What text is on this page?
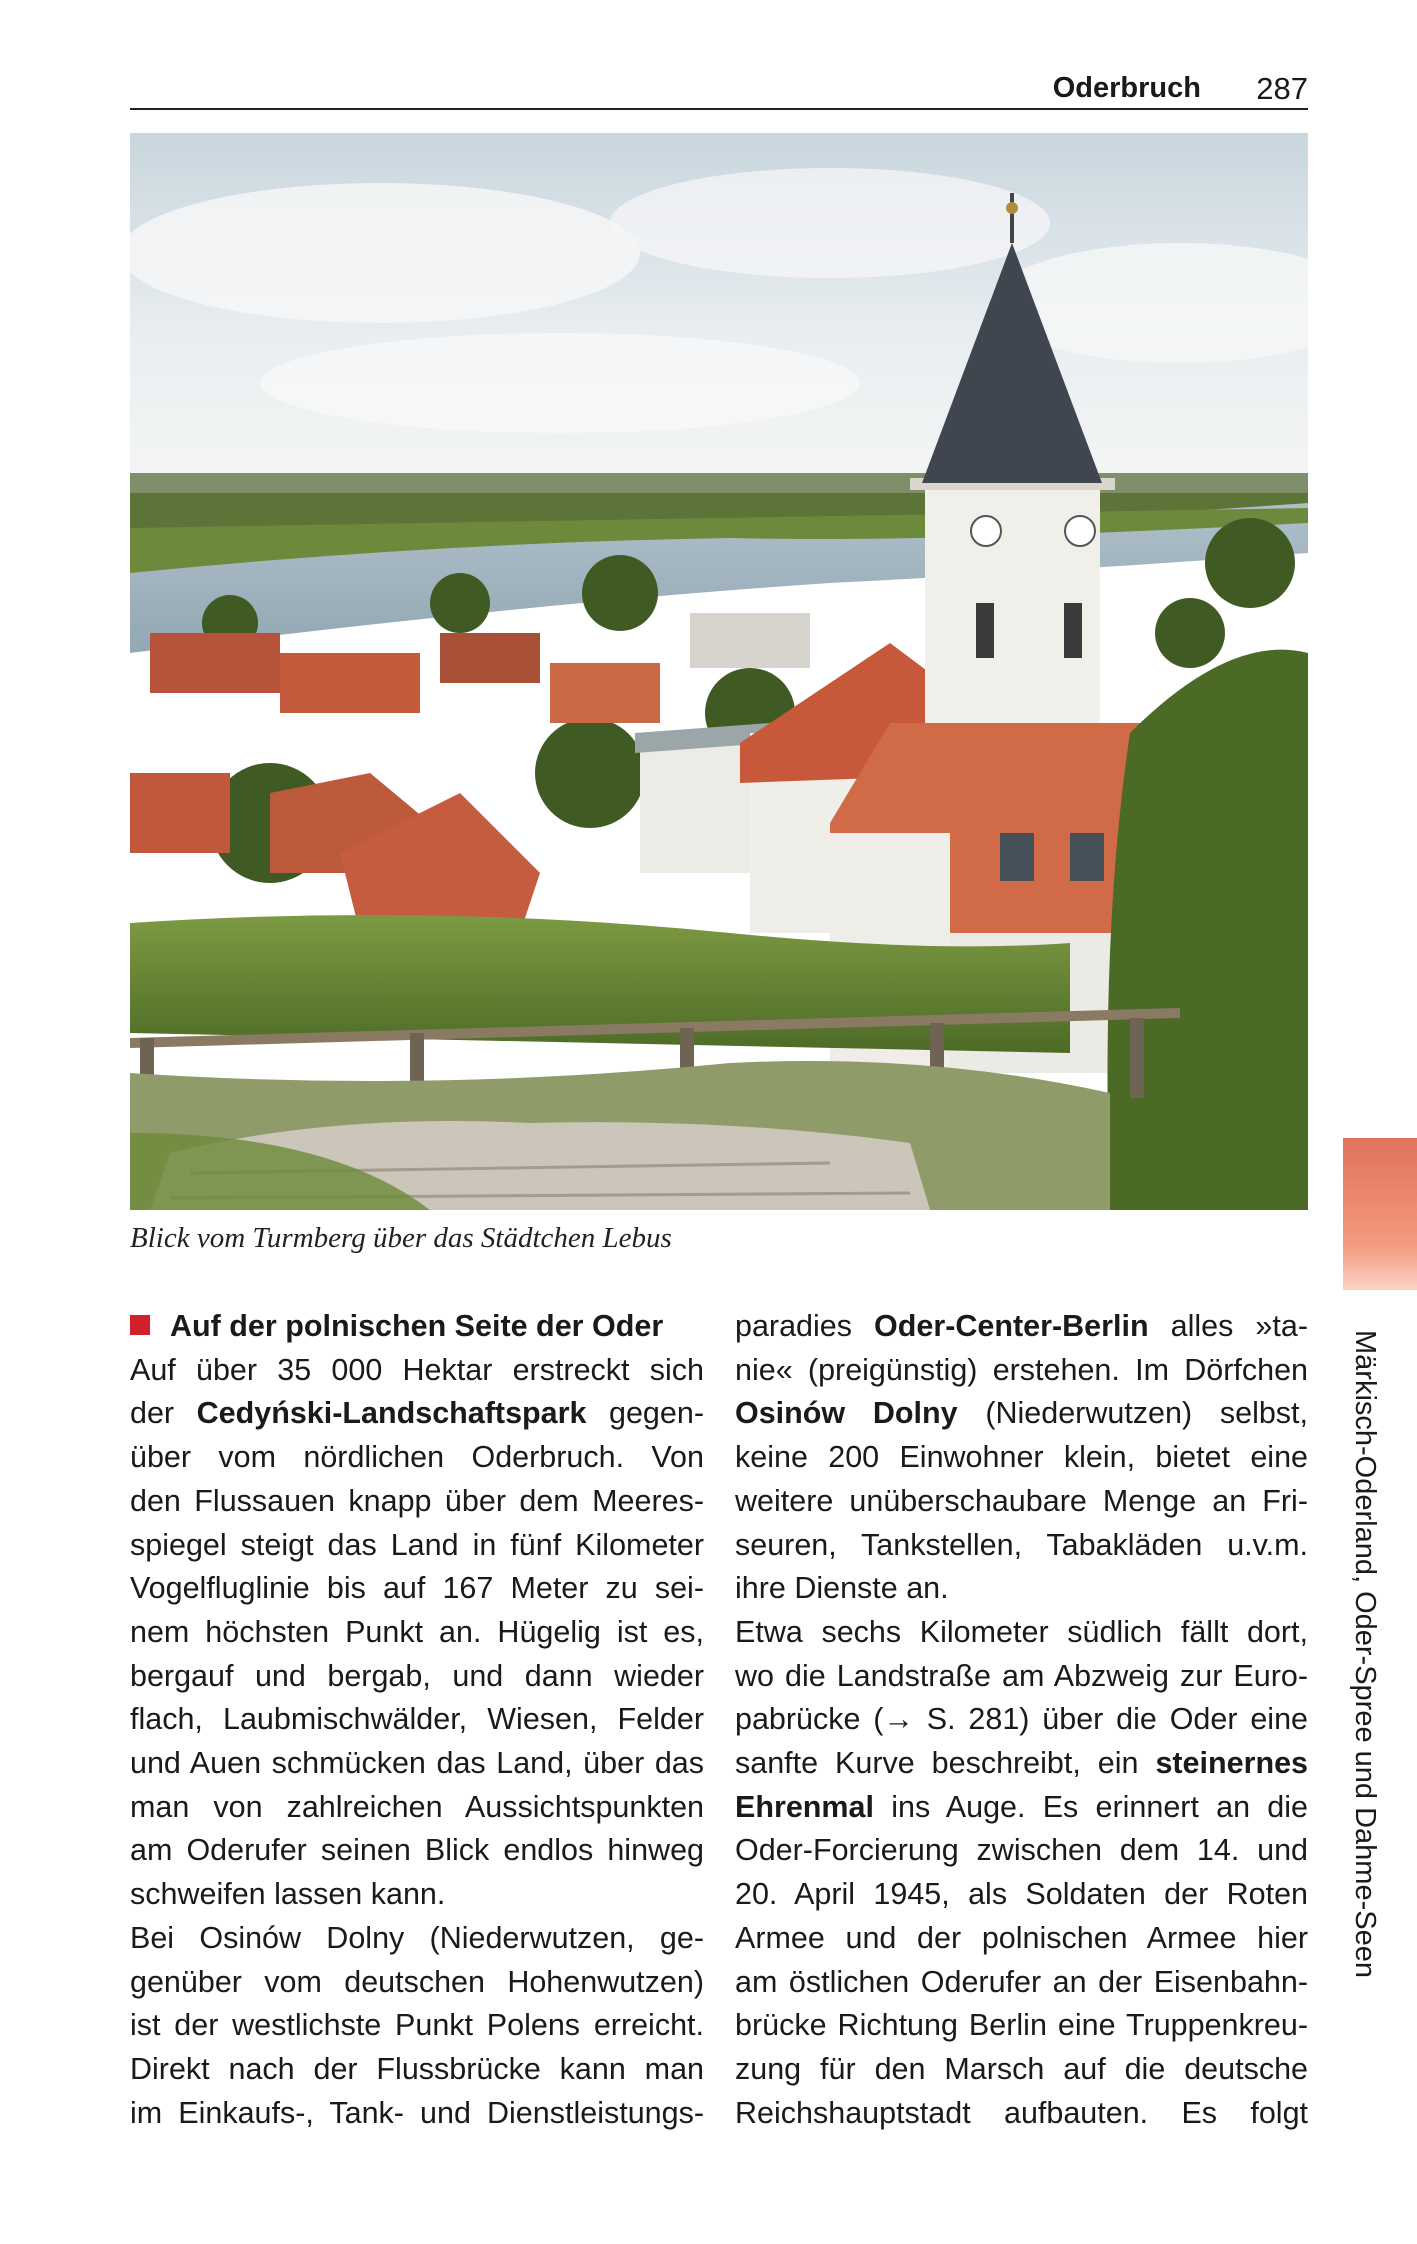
Oderbruch 287
Blick vom Turmberg über das Städtchen Lebus
Auf der polnischen Seite der Oder
Auf über 35 000 Hektar erstreckt sich
der Cedyński-Landschaftspark gegen-
über vom nördlichen Oderbruch. Von
den Flussauen knapp über dem Meeres-
spiegel steigt das Land in fünf Kilometer
Vogelfluglinie bis auf 167 Meter zu sei-
nem höchsten Punkt an. Hügelig ist es,
bergauf und bergab, und dann wieder
flach, Laubmischwälder, Wiesen, Felder
und Auen schmücken das Land, über das
man von zahlreichen Aussichtspunkten
am Oderufer seinen Blick endlos hinweg
schweifen lassen kann.
Bei Osinów Dolny (Niederwutzen, ge-
genüber vom deutschen Hohenwutzen)
ist der westlichste Punkt Polens erreicht.
Direkt nach der Flussbrücke kann man
im Einkaufs-, Tank- und Dienstleistungs-
paradies Oder-Center-Berlin alles »ta-
nie« (preigünstig) erstehen. Im Dörfchen
Osinów Dolny (Niederwutzen) selbst,
keine 200 Einwohner klein, bietet eine
weitere unüberschaubare Menge an Fri-
seuren, Tankstellen, Tabakläden u.v.m.
ihre Dienste an.
Etwa sechs Kilometer südlich fällt dort,
wo die Landstraße am Abzweig zur Euro-
pabrücke (→ S. 281) über die Oder eine
sanfte Kurve beschreibt, ein steinernes
Ehrenmal ins Auge. Es erinnert an die
Oder-Forcierung zwischen dem 14. und
20. April 1945, als Soldaten der Roten
Armee und der polnischen Armee hier
am östlichen Oderufer an der Eisenbahn-
brücke Richtung Berlin eine Truppenkreu-
zung für den Marsch auf die deutsche
Reichshauptstadt aufbauten. Es folgt
Märkisch-Oderland, Oder-Spree und Dahme-Seen
